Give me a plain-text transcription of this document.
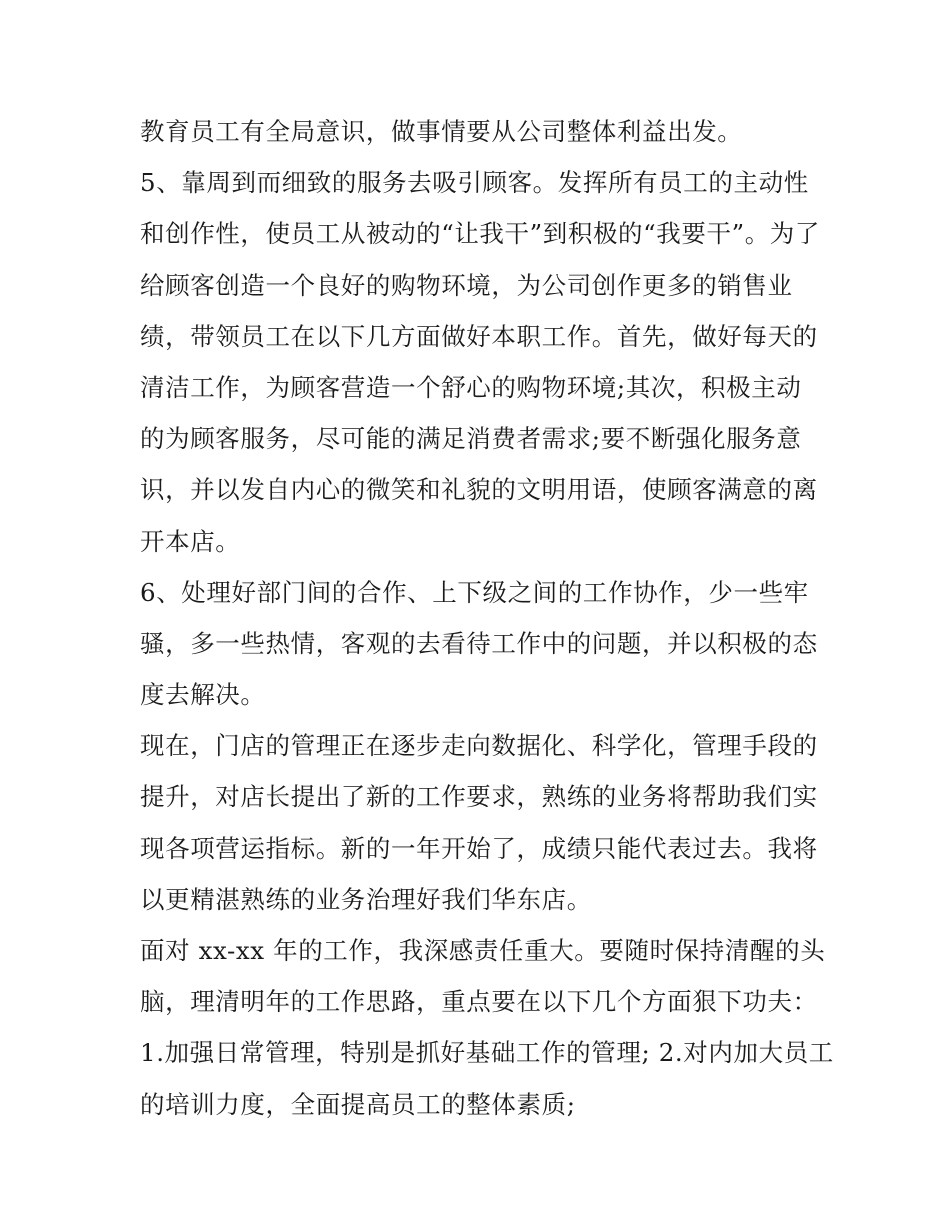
教育员工有全局意识，做事情要从公司整体利益出发。
5、靠周到而细致的服务去吸引顾客。发挥所有员工的主动性
和创作性，使员工从被动的“让我干”到积极的“我要干”。为了
给顾客创造一个良好的购物环境，为公司创作更多的销售业
绩，带领员工在以下几方面做好本职工作。首先，做好每天的
清洁工作，为顾客营造一个舒心的购物环境;其次，积极主动
的为顾客服务，尽可能的满足消费者需求;要不断强化服务意
识，并以发自内心的微笑和礼貌的文明用语，使顾客满意的离
开本店。
6、处理好部门间的合作、上下级之间的工作协作，少一些牢
骚，多一些热情，客观的去看待工作中的问题，并以积极的态
度去解决。
现在，门店的管理正在逐步走向数据化、科学化，管理手段的
提升，对店长提出了新的工作要求，熟练的业务将帮助我们实
现各项营运指标。新的一年开始了，成绩只能代表过去。我将
以更精湛熟练的业务治理好我们华东店。
面对 xx-xx 年的工作，我深感责任重大。要随时保持清醒的头
脑，理清明年的工作思路，重点要在以下几个方面狠下功夫：
1.加强日常管理，特别是抓好基础工作的管理; 2.对内加大员工
的培训力度，全面提高员工的整体素质;
